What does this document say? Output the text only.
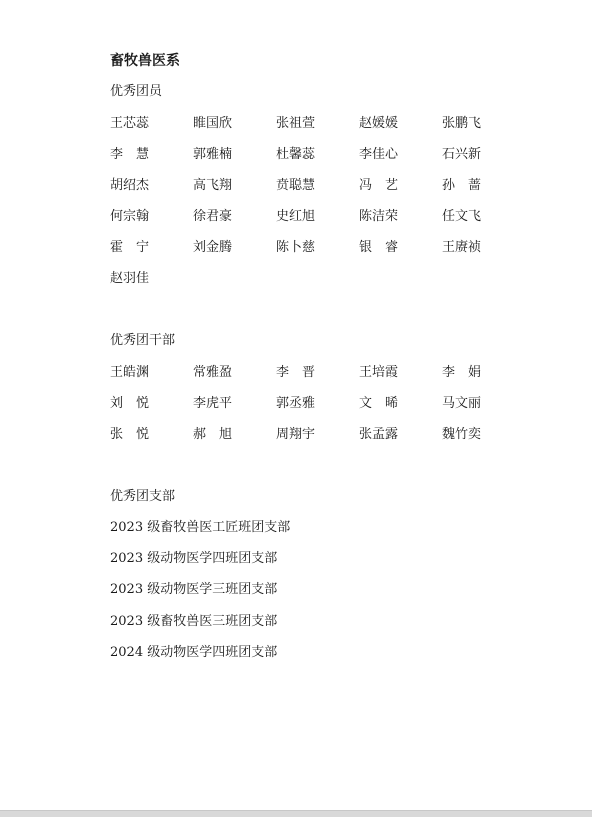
畜牧兽医系
优秀团员
王芯蕊	睢国欣	张祖萱	赵媛媛	张鹏飞
李　慧	郭雅楠	杜馨蕊	李佳心	石兴新
胡绍杰	高飞翔	贲聪慧	冯　艺	孙　蔷
何宗翰	徐君豪	史红旭	陈洁荣	任文飞
霍　宁	刘金腾	陈卜慈	银　睿	王赓祯
赵羽佳
优秀团干部
王皓渊	常雅盈	李　晋	王培霞	李　娟
刘　悦	李虎平	郭丞雅	文　晞	马文丽
张　悦	郝　旭	周翔宇	张孟露	魏竹奕
优秀团支部
2023 级畜牧兽医工匠班团支部
2023 级动物医学四班团支部
2023 级动物医学三班团支部
2023 级畜牧兽医三班团支部
2024 级动物医学四班团支部
